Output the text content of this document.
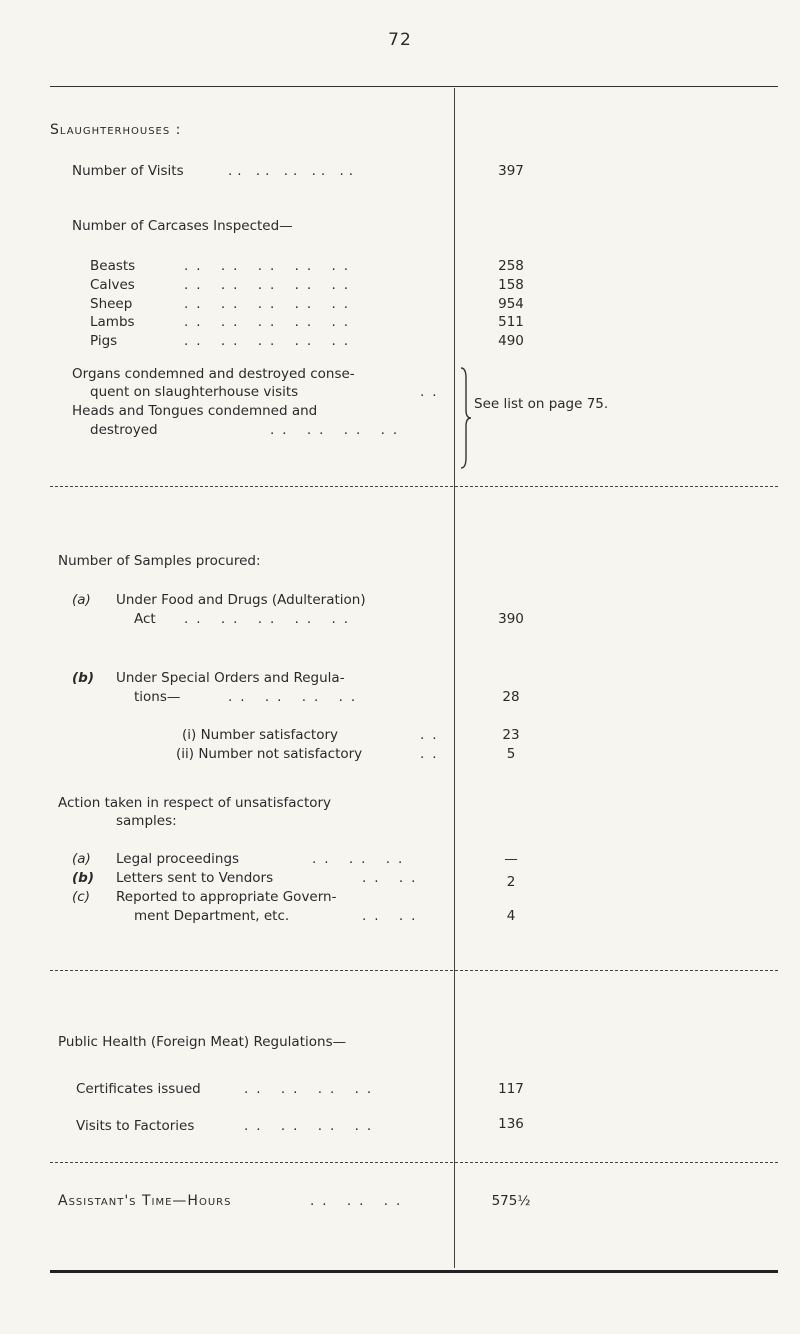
72
Slaughterhouses :
Number of Visits	.. .. .. .. ..	397
Number of Carcases Inspected—
Beasts	.. .. .. .. ..	258
Calves	.. .. .. .. ..	158
Sheep	.. .. .. .. ..	954
Lambs	.. .. .. .. ..	511
Pigs	.. .. .. .. ..	490
Organs condemned and destroyed conse-
quent on slaughterhouse visits	..
Heads and Tongues condemned and
destroyed	.. .. .. ..
See list on page 75.
Number of Samples procured:
(a) Under Food and Drugs (Adulteration)
Act .. .. .. .. ..	390
(b) Under Special Orders and Regula-
tions—	.. .. .. ..	28
(i) Number satisfactory	..	23
(ii) Number not satisfactory	..	5
Action taken in respect of unsatisfactory
samples:
(a) Legal proceedings	.. .. ..	—
(b) Letters sent to Vendors	.. ..	2
(c) Reported to appropriate Govern-
ment Department, etc.	.. ..	4
Public Health (Foreign Meat) Regulations—
Certificates issued	.. .. .. ..	117
Visits to Factories	.. .. .. ..	136
Assistant's Time—Hours	.. .. ..	575½
